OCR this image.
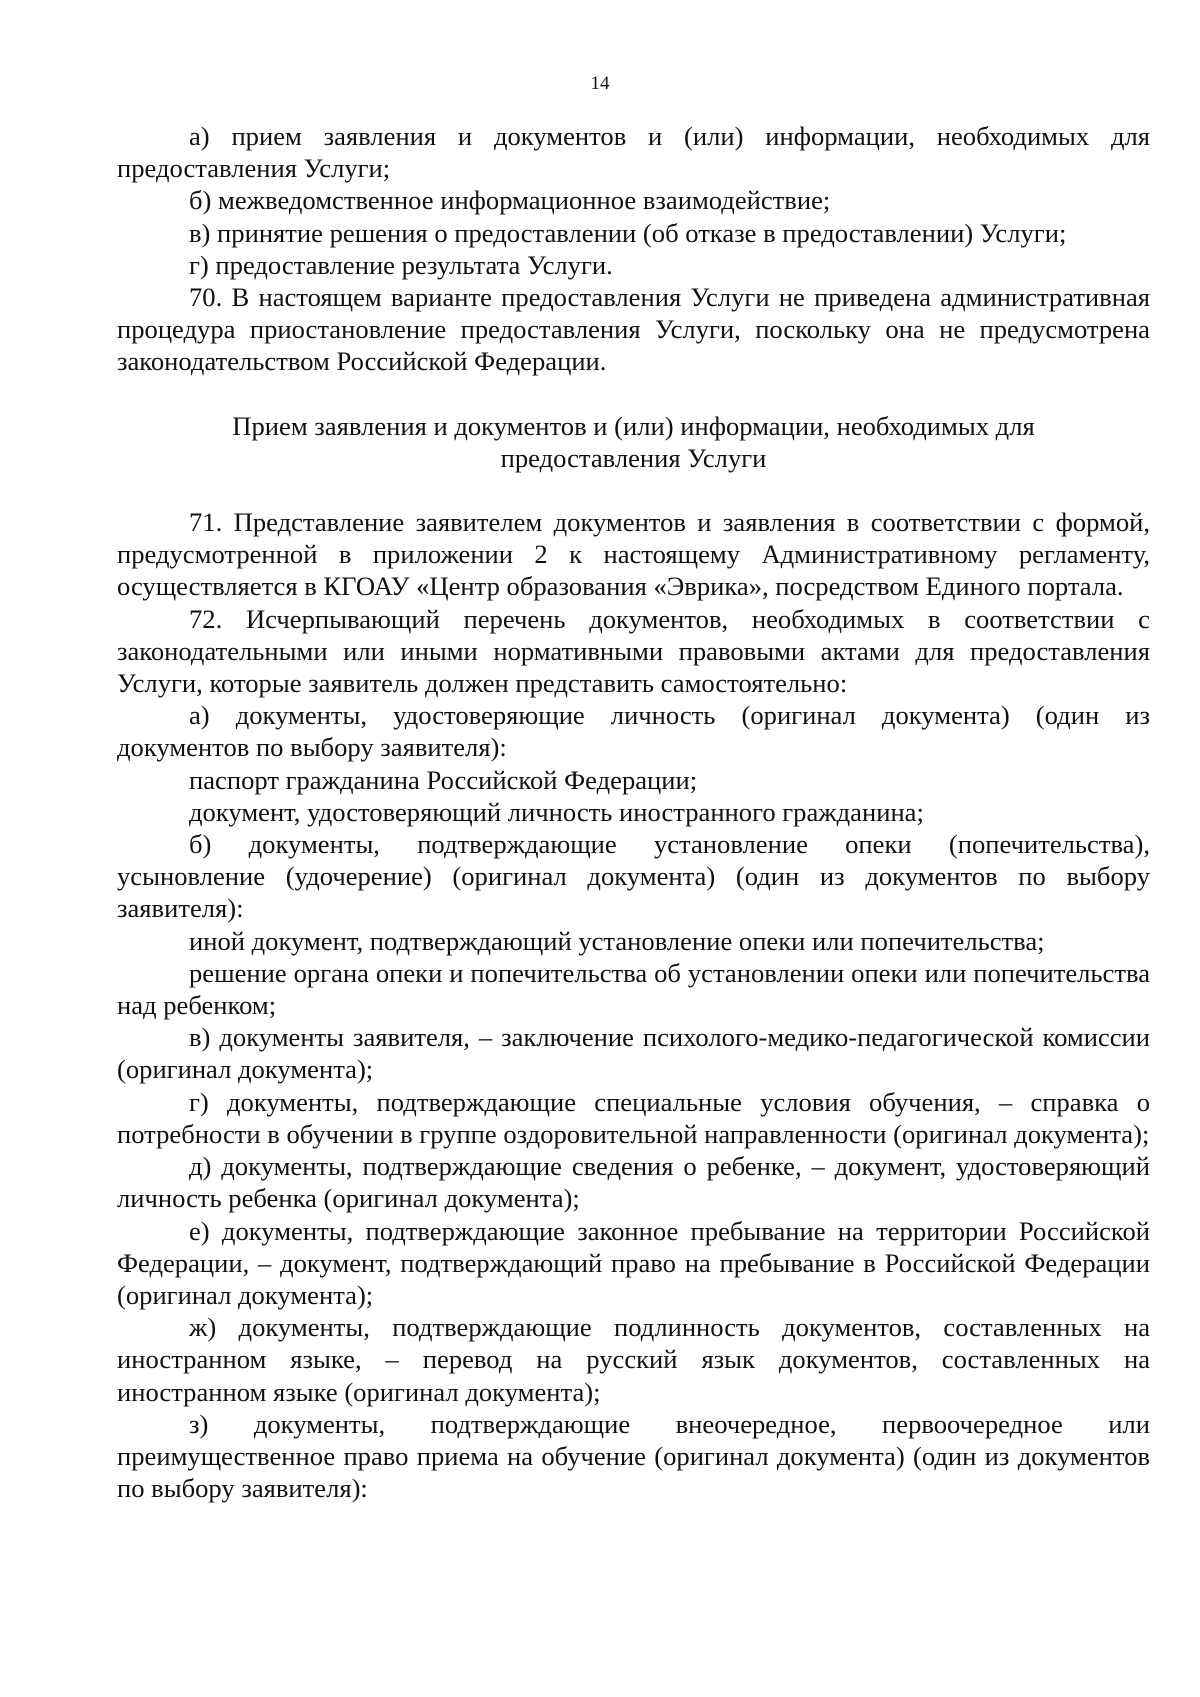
14

а) прием заявления и документов и (или) информации, необходимых для предоставления Услуги;

б) межведомственное информационное взаимодействие;

в) принятие решения о предоставлении (об отказе в предоставлении) Услуги;

г) предоставление результата Услуги.

70. В настоящем варианте предоставления Услуги не приведена административная процедура приостановление предоставления Услуги, поскольку она не предусмотрена законодательством Российской Федерации.

Прием заявления и документов и (или) информации, необходимых для
предоставления Услуги

71. Представление заявителем документов и заявления в соответствии с формой, предусмотренной в приложении 2 к настоящему Административному регламенту, осуществляется в КГОАУ «Центр образования «Эврика», посредством Единого портала.

72. Исчерпывающий перечень документов, необходимых в соответствии с законодательными или иными нормативными правовыми актами для предоставления Услуги, которые заявитель должен представить самостоятельно:

а) документы, удостоверяющие личность (оригинал документа) (один из документов по выбору заявителя):

паспорт гражданина Российской Федерации;

документ, удостоверяющий личность иностранного гражданина;

б) документы, подтверждающие установление опеки (попечительства), усыновление (удочерение) (оригинал документа) (один из документов по выбору заявителя):

иной документ, подтверждающий установление опеки или попечительства;

решение органа опеки и попечительства об установлении опеки или попечительства над ребенком;

в) документы заявителя, – заключение психолого-медико-педагогической комиссии (оригинал документа);

г) документы, подтверждающие специальные условия обучения, – справка о потребности в обучении в группе оздоровительной направленности (оригинал документа);

д) документы, подтверждающие сведения о ребенке, – документ, удостоверяющий личность ребенка (оригинал документа);

е) документы, подтверждающие законное пребывание на территории Российской Федерации, – документ, подтверждающий право на пребывание в Российской Федерации (оригинал документа);

ж) документы, подтверждающие подлинность документов, составленных на иностранном языке, – перевод на русский язык документов, составленных на иностранном языке (оригинал документа);

з) документы, подтверждающие внеочередное, первоочередное или преимущественное право приема на обучение (оригинал документа) (один из документов по выбору заявителя):
